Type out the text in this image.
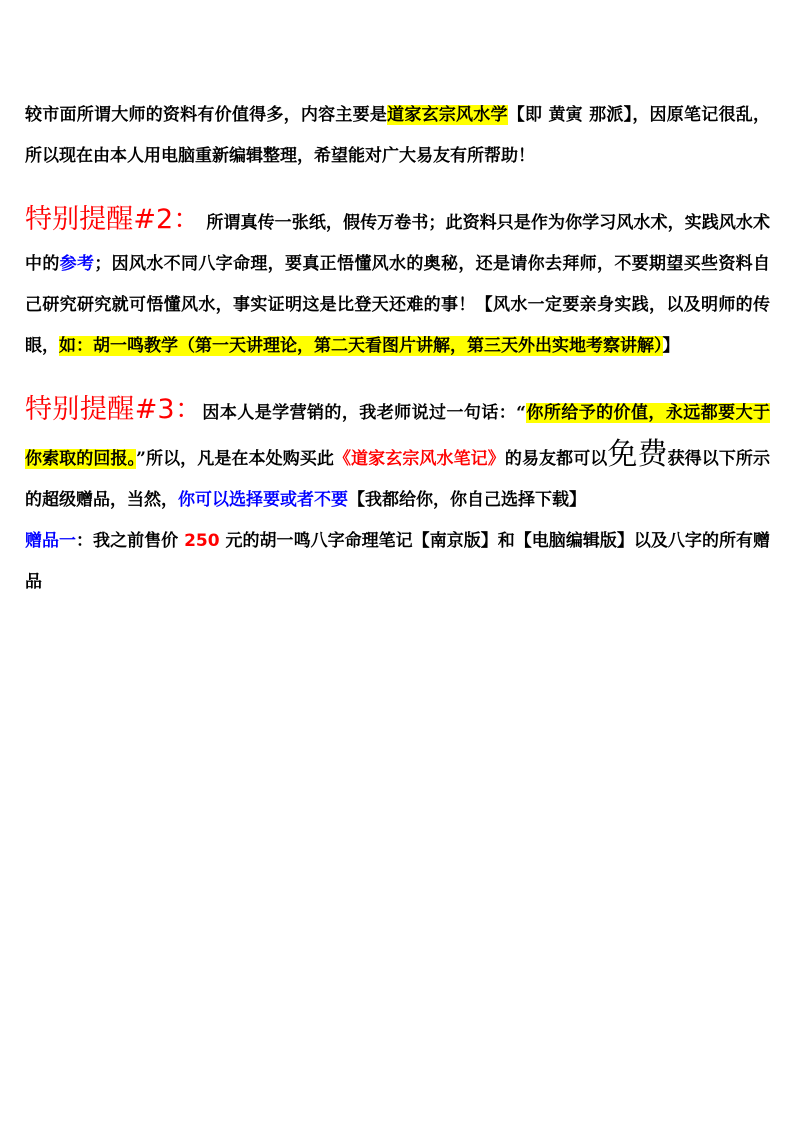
较市面所谓大师的资料有价值得多，内容主要是道家玄宗风水学【即 黄寅 那派】，因原笔记很乱，所以现在由本人用电脑重新编辑整理，希望能对广大易友有所帮助！

特别提醒#2： 所谓真传一张纸，假传万卷书；此资料只是作为你学习风水术，实践风水术中的参考；因风水不同八字命理，要真正悟懂风水的奥秘，还是请你去拜师，不要期望买些资料自己研究研究就可悟懂风水，事实证明这是比登天还难的事！【风水一定要亲身实践，以及明师的传眼，如：胡一鸣教学（第一天讲理论，第二天看图片讲解，第三天外出实地考察讲解）】

特别提醒#3：因本人是学营销的，我老师说过一句话：“你所给予的价值，永远都要大于你索取的回报。”所以，凡是在本处购买此《道家玄宗风水笔记》的易友都可以免费获得以下所示的超级赠品，当然，你可以选择要或者不要【我都给你，你自己选择下载】

赠品一：我之前售价 250 元的胡一鸣八字命理笔记【南京版】和【电脑编辑版】以及八字的所有赠品
